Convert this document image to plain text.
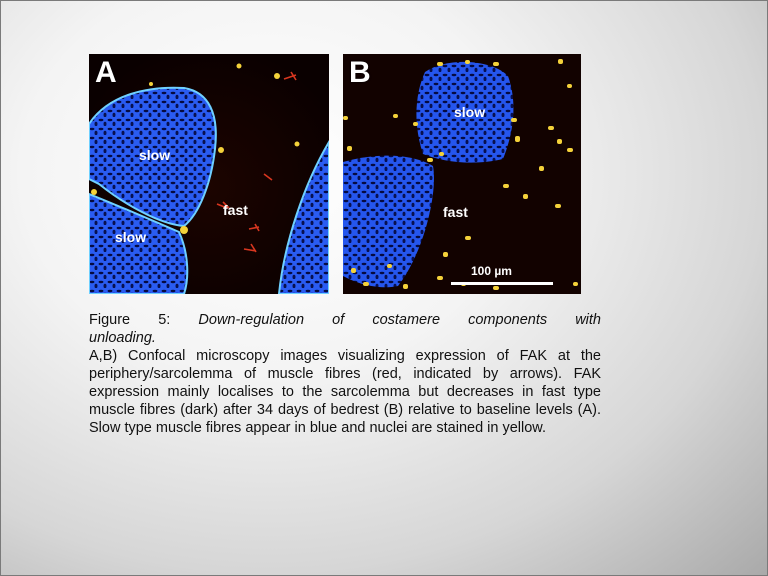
A
slow
fast
slow
B
slow
fast
100 µm

Figure 5: Down-regulation of costamere components with

unloading.

A,B) Confocal microscopy images visualizing expression of FAK at the periphery/sarcolemma of muscle fibres (red, indicated by arrows). FAK expression mainly localises to the sarcolemma but decreases in fast type muscle fibres (dark) after 34 days of bedrest (B) relative to baseline levels (A). Slow type muscle fibres appear in blue and nuclei are stained in yellow.
